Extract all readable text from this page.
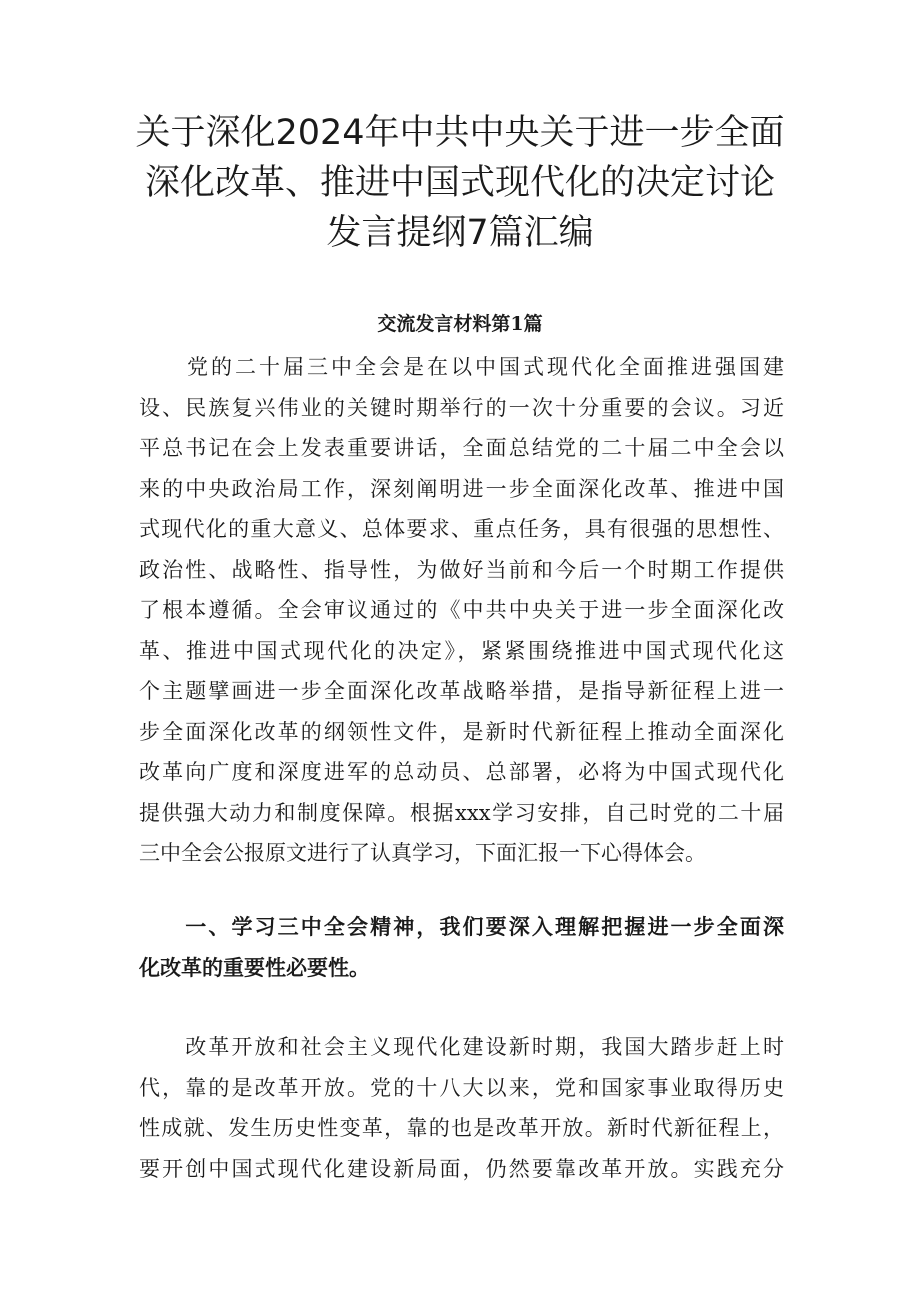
关于深化2024年中共中央关于进一步全面
深化改革、推进中国式现代化的决定讨论
发言提纲7篇汇编
交流发言材料第1篇
　　党的二十届三中全会是在以中国式现代化全面推进强国建
设、民族复兴伟业的关键时期举行的一次十分重要的会议。习近
平总书记在会上发表重要讲话，全面总结党的二十届二中全会以
来的中央政治局工作，深刻阐明进一步全面深化改革、推进中国
式现代化的重大意义、总体要求、重点任务，具有很强的思想性、
政治性、战略性、指导性，为做好当前和今后一个时期工作提供
了根本遵循。全会审议通过的《中共中央关于进一步全面深化改
革、推进中国式现代化的决定》，紧紧围绕推进中国式现代化这
个主题擘画进一步全面深化改革战略举措，是指导新征程上进一
步全面深化改革的纲领性文件，是新时代新征程上推动全面深化
改革向广度和深度进军的总动员、总部署，必将为中国式现代化
提供强大动力和制度保障。根据xxx学习安排，自己时党的二十届
三中全会公报原文进行了认真学习，下面汇报一下心得体会。
　　一、学习三中全会精神，我们要深入理解把握进一步全面深
化改革的重要性必要性。
　　改革开放和社会主义现代化建设新时期，我国大踏步赶上时
代，靠的是改革开放。党的十八大以来，党和国家事业取得历史
性成就、发生历史性变革，靠的也是改革开放。新时代新征程上，
要开创中国式现代化建设新局面，仍然要靠改革开放。实践充分
